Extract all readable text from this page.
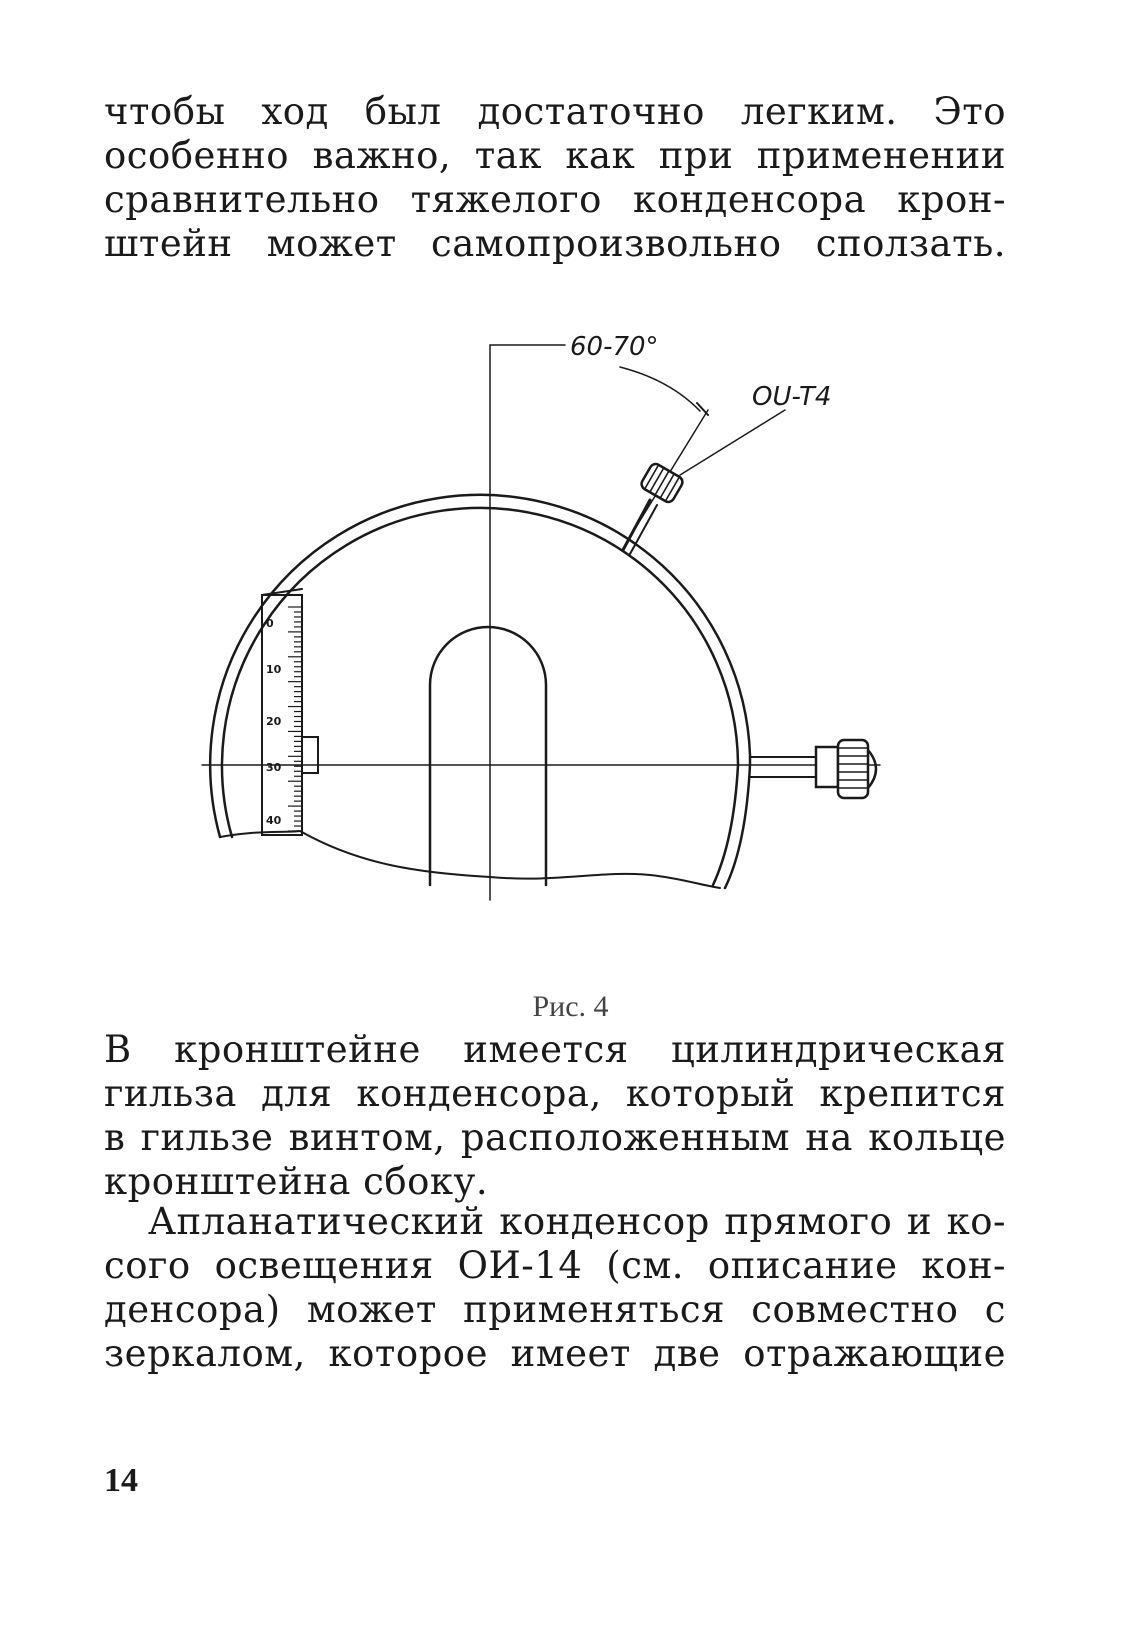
чтобы ход был достаточно легким. Это
особенно важно, так как при применении
сравнительно тяжелого конденсора крон-
штейн может самопроизвольно сползать.
0
10
20
30
40
60-70°
OU-T4
Рис. 4
В кронштейне имеется цилиндрическая
гильза для конденсора, который крепится
в гильзе винтом, расположенным на кольце
кронштейна сбоку.
Апланатический конденсор прямого и ко-
сого освещения ОИ-14 (см. описание кон-
денсора) может применяться совместно с
зеркалом, которое имеет две отражающие
14
